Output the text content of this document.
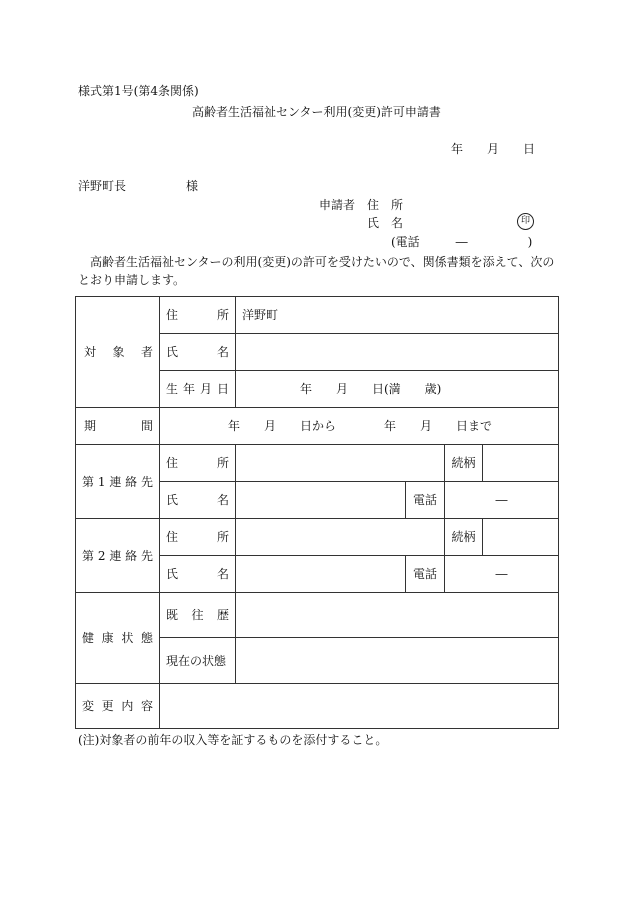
様式第1号(第4条関係)
高齢者生活福祉センター利用(変更)許可申請書
年　　月　　日
洋野町長　　　　　様
申請者　住　所
氏　名	印
(電話　　　―　　　　　)

高齢者生活福祉センターの利用(変更)の許可を受けたいので、関係書類を添えて、次の

とおり申請します。

対象者	住所	洋野町			
	氏名				
	生年月日	年　　月　　日(満　　歳)			
期間	年　　月　　日から　　　　年　　月　　日まで				
第1連絡先	住所			続柄	
	氏名		電話	―	
第2連絡先	住所			続柄	
	氏名		電話	―	
健康状態	既往歴				
	現在の状態				
変更内容					
(注)対象者の前年の収入等を証するものを添付すること。
